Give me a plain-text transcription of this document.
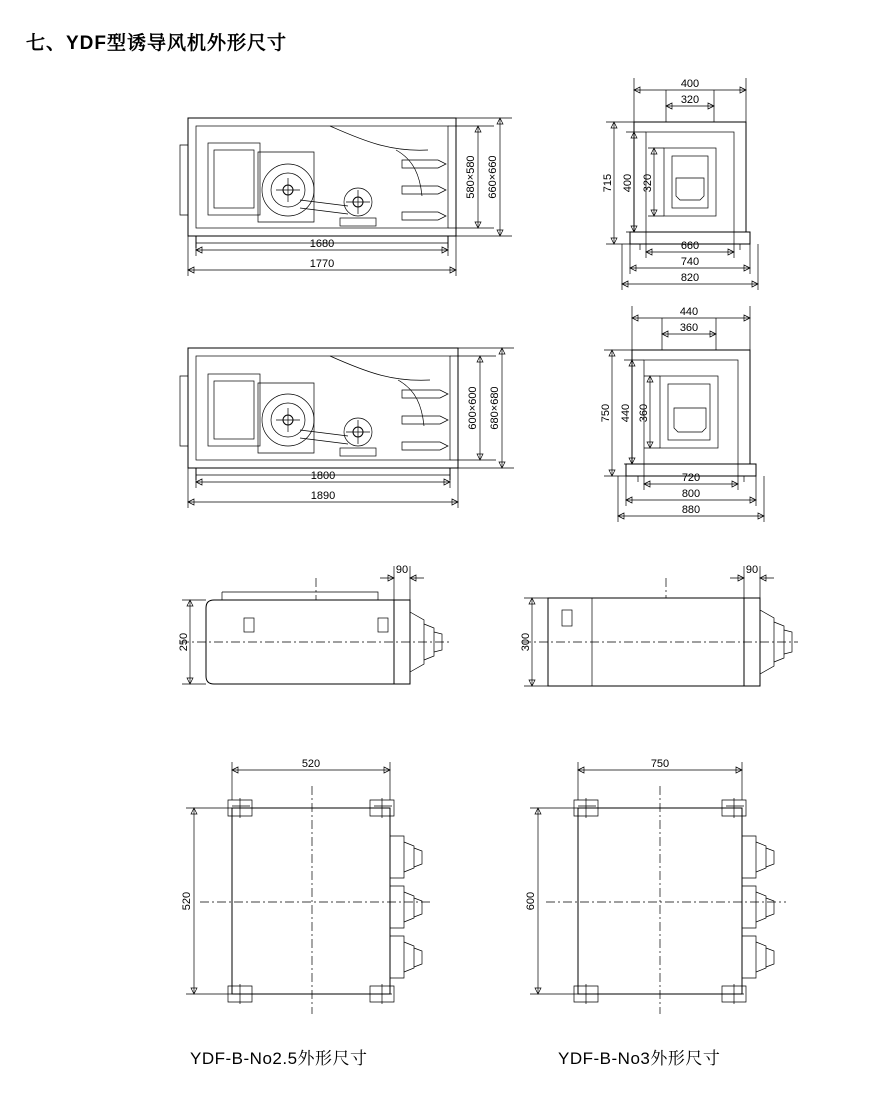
七、YDF型诱导风机外形尺寸
580×580 660×660
1680
1770
320
400
715 400 320
660
740
820
600×600 680×680
1800
1890
360
440
750 440 360
720
800
880
250
90
300
90
520
520
750
600
YDF-B-No2.5外形尺寸	YDF-B-No3外形尺寸
